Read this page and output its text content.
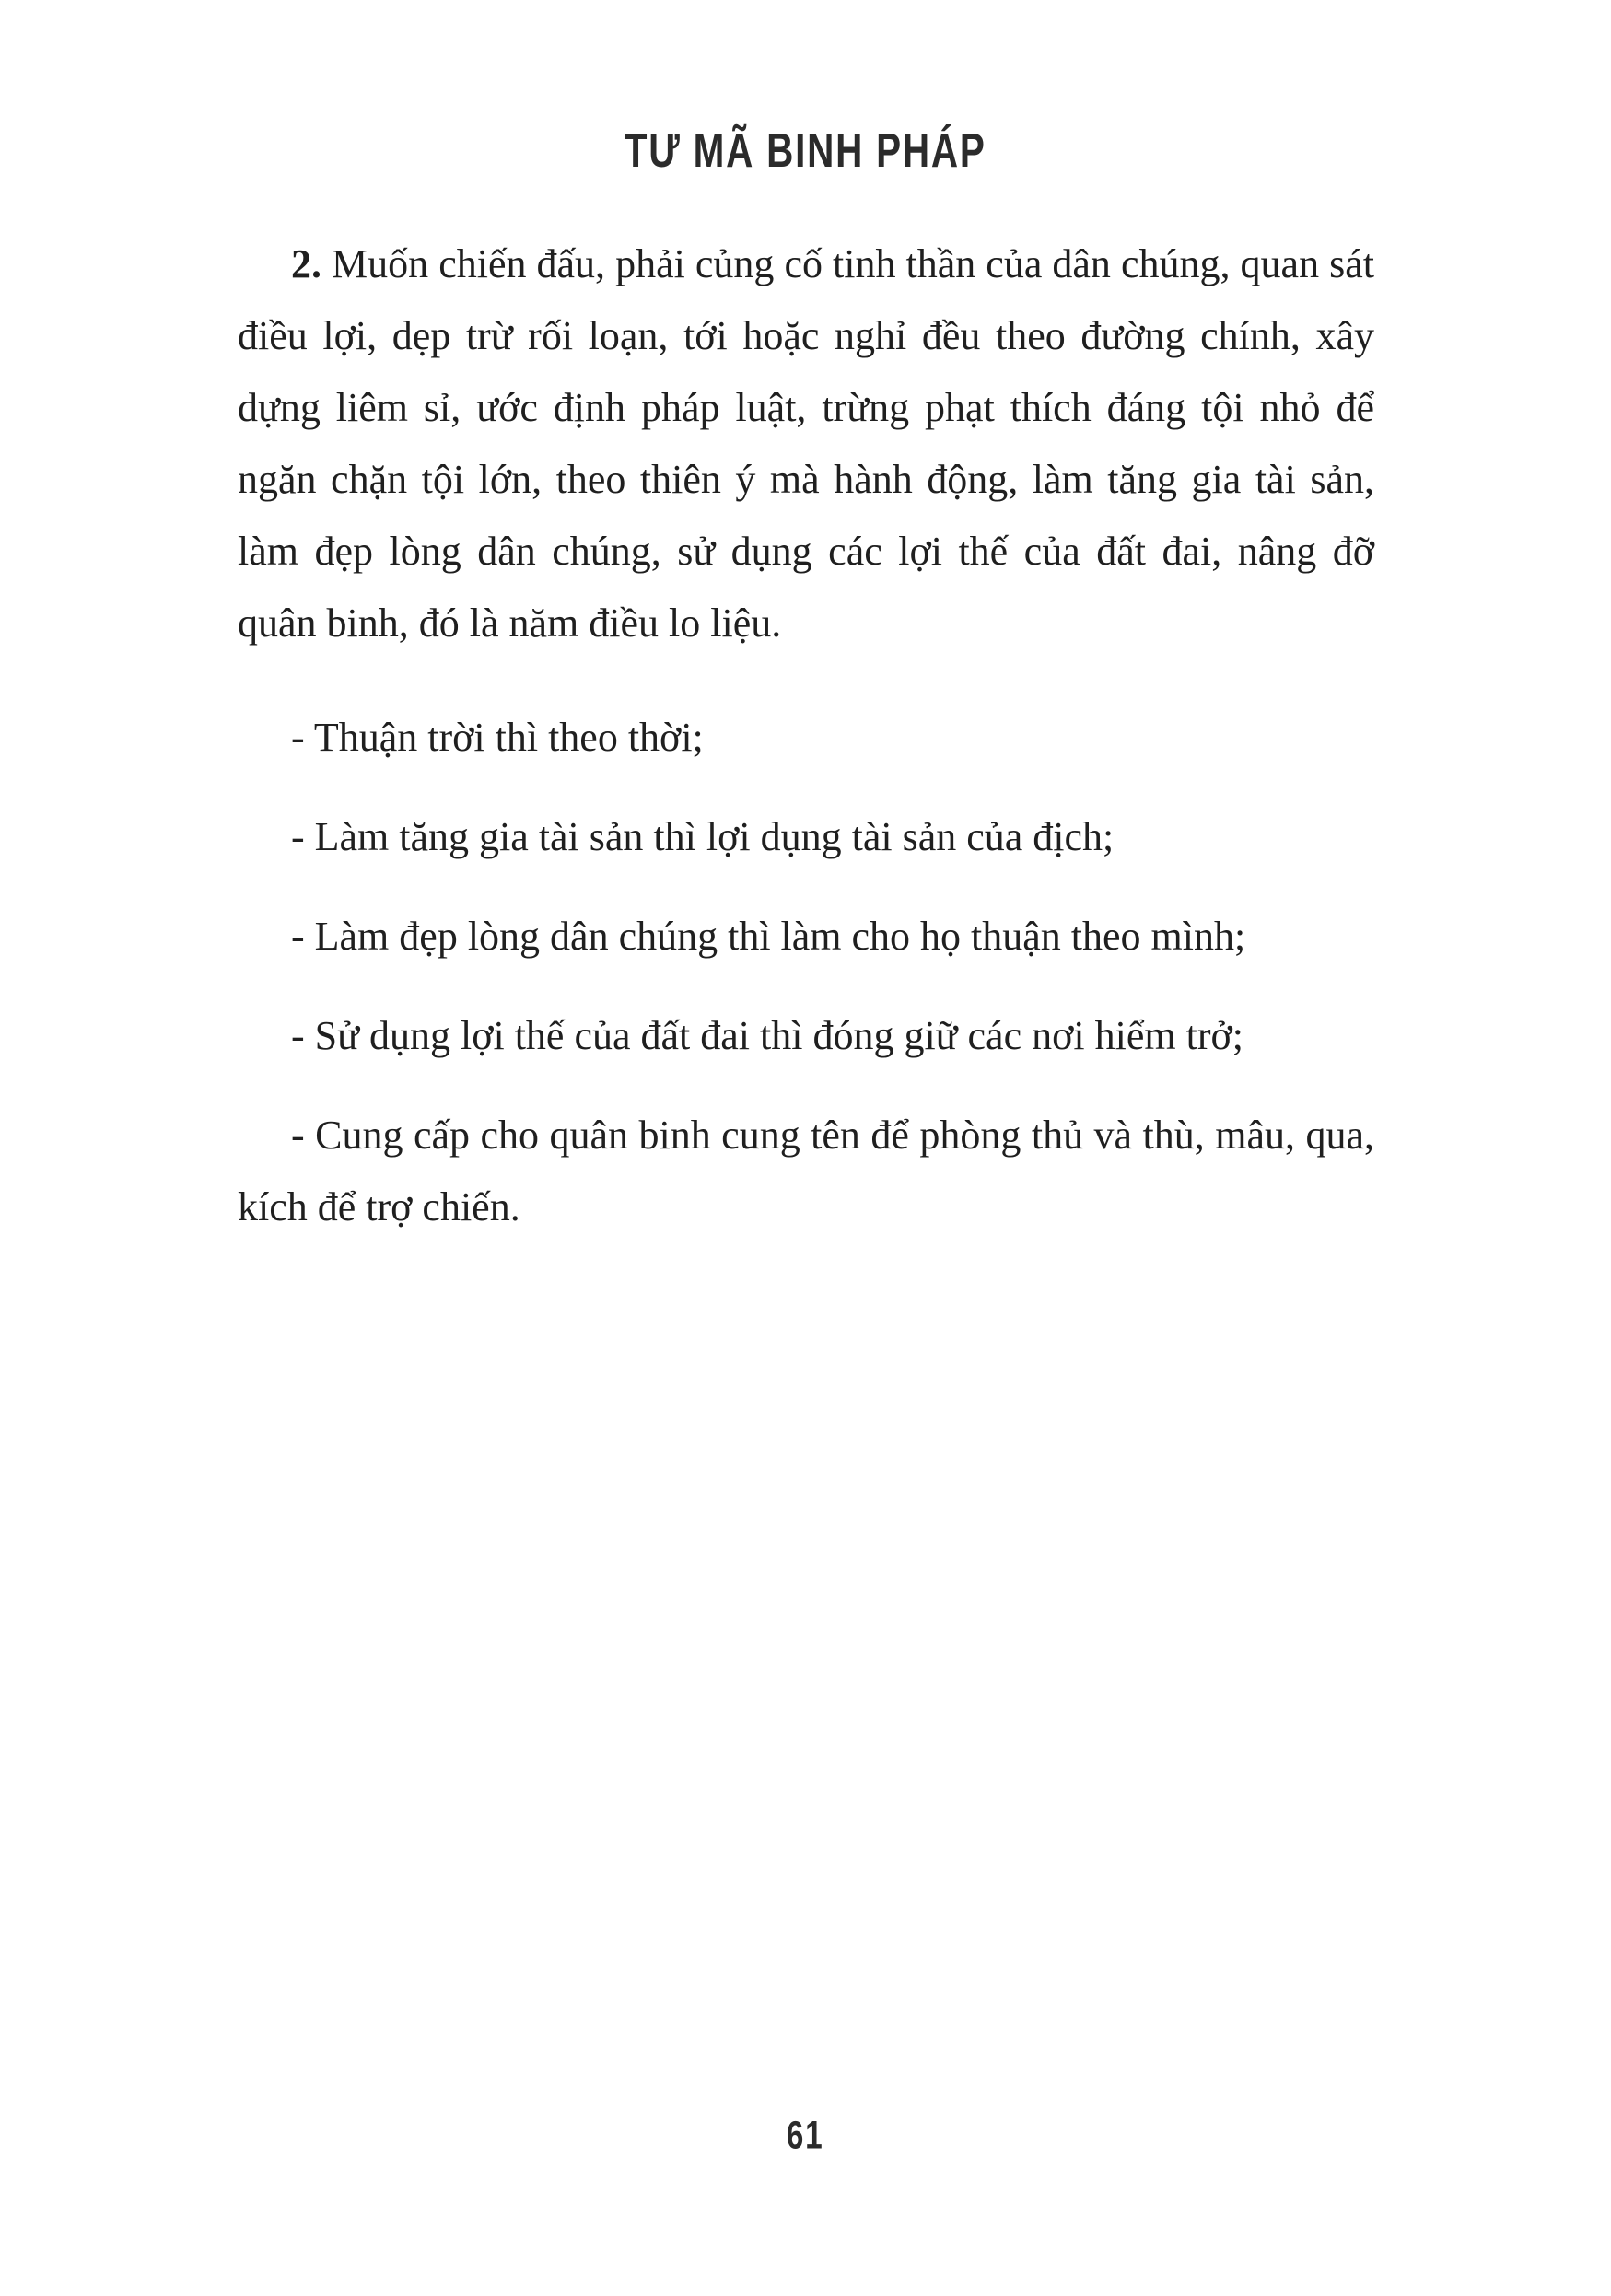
TƯ MÃ BINH PHÁP

2. Muốn chiến đấu, phải củng cố tinh thần của dân chúng, quan sát điều lợi, dẹp trừ rối loạn, tới hoặc nghỉ đều theo đường chính, xây dựng liêm sỉ, ước định pháp luật, trừng phạt thích đáng tội nhỏ để ngăn chặn tội lớn, theo thiên ý mà hành động, làm tăng gia tài sản, làm đẹp lòng dân chúng, sử dụng các lợi thế của đất đai, nâng đỡ quân binh, đó là năm điều lo liệu.

- Thuận trời thì theo thời;

- Làm tăng gia tài sản thì lợi dụng tài sản của địch;

- Làm đẹp lòng dân chúng thì làm cho họ thuận theo mình;

- Sử dụng lợi thế của đất đai thì đóng giữ các nơi hiểm trở;

- Cung cấp cho quân binh cung tên để phòng thủ và thù, mâu, qua, kích để trợ chiến.

61
